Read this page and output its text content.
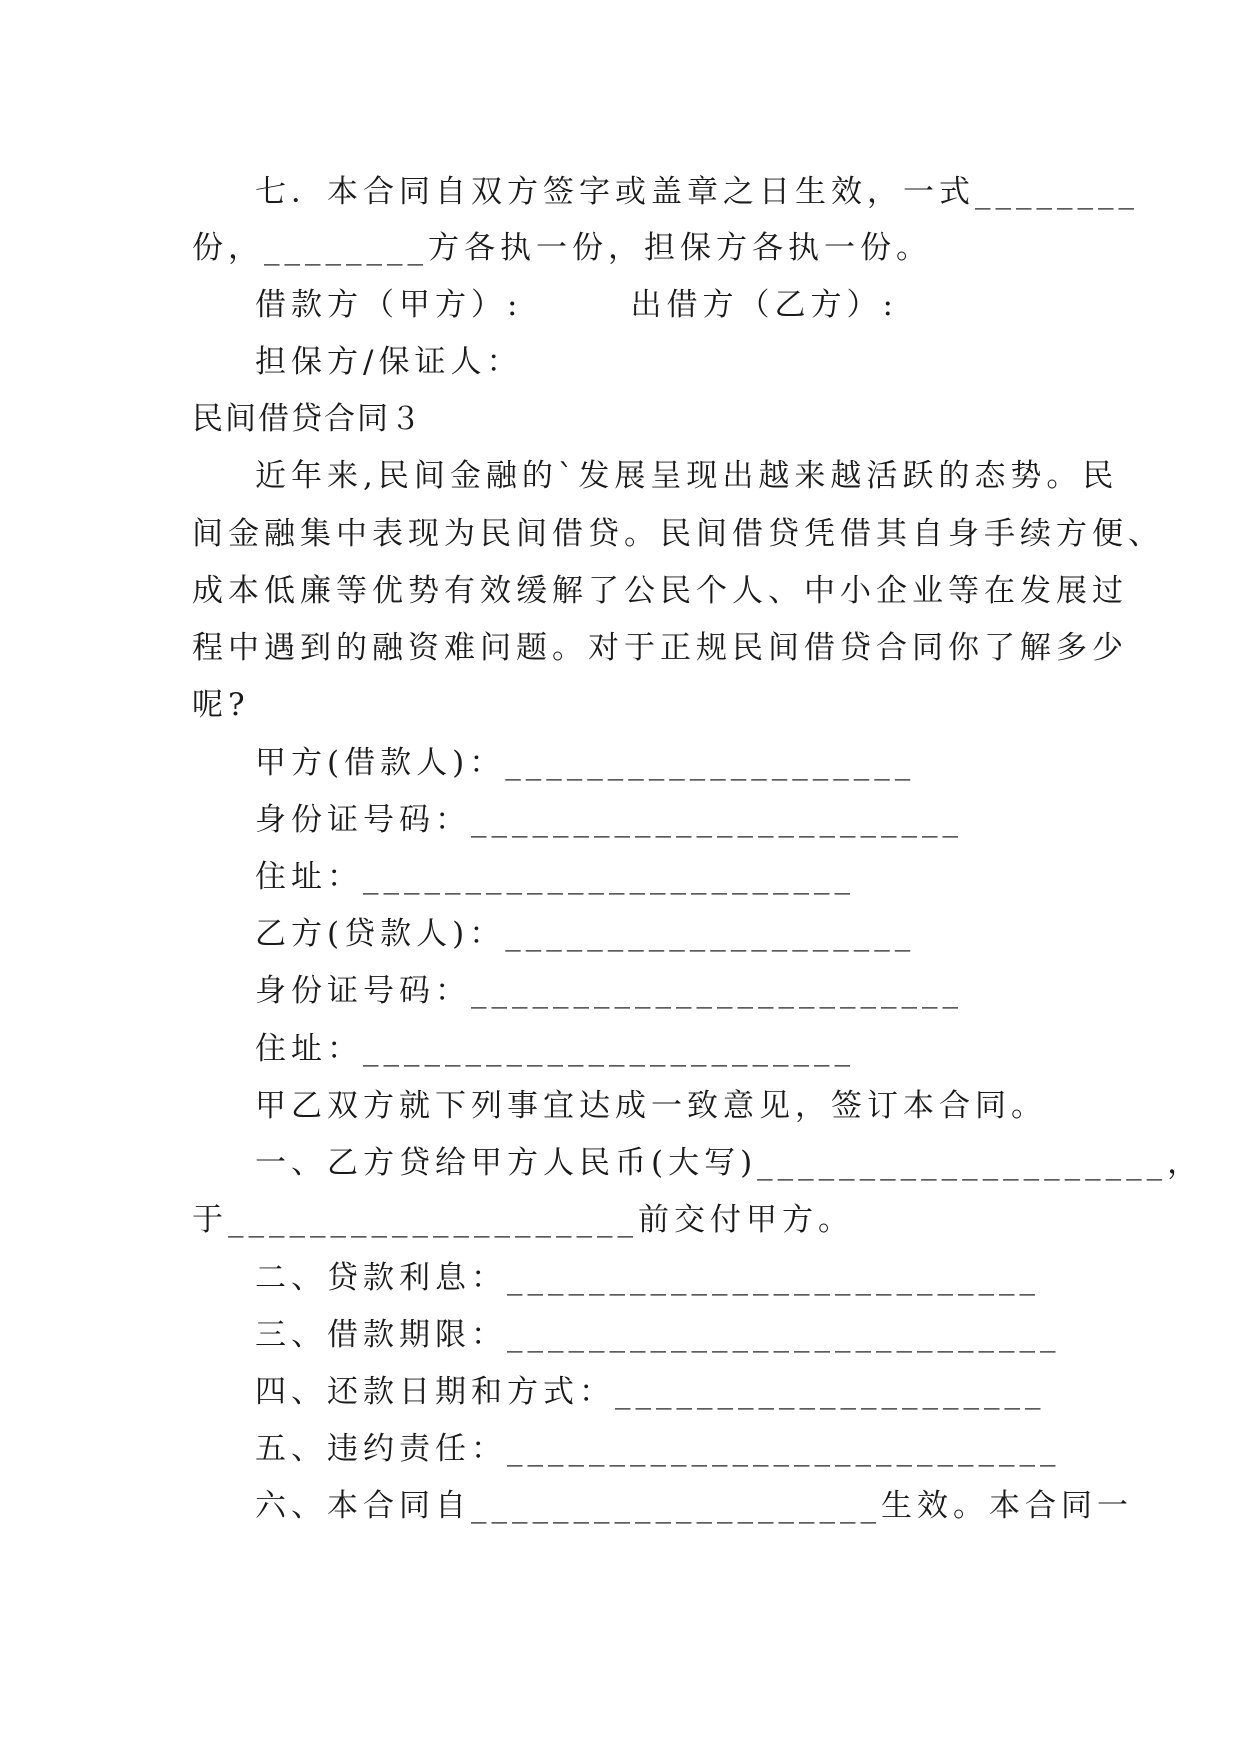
七．本合同自双方签字或盖章之日生效，一式________
份，________方各执一份，担保方各执一份。
借款方（甲方）:　　　出借方（乙方）:
担保方/保证人：
民间借贷合同３
近年来,民间金融的`发展呈现出越来越活跃的态势。民
间金融集中表现为民间借贷。民间借贷凭借其自身手续方便、
成本低廉等优势有效缓解了公民个人、中小企业等在发展过
程中遇到的融资难问题。对于正规民间借贷合同你了解多少
呢?
甲方(借款人)：____________________
身份证号码：________________________
住址：________________________
乙方(贷款人)：____________________
身份证号码：________________________
住址：________________________
甲乙双方就下列事宜达成一致意见，签订本合同。
一、乙方贷给甲方人民币(大写)____________________，
于____________________前交付甲方。
二、贷款利息：__________________________
三、借款期限：___________________________
四、还款日期和方式：_____________________
五、违约责任：___________________________
六、本合同自____________________生效。本合同一
